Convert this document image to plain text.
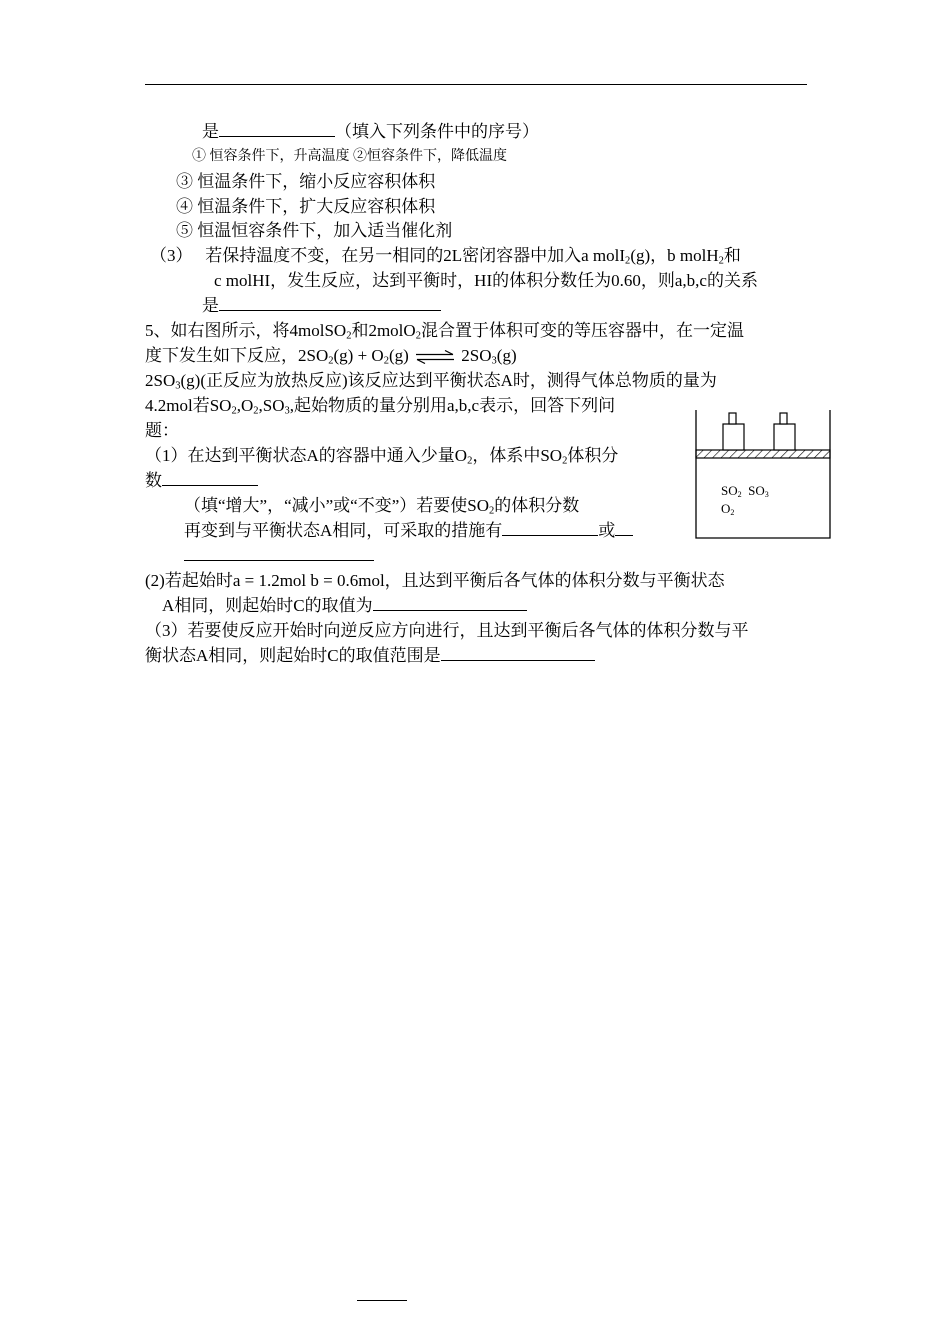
是	（填入下列条件中的序号）
① 恒容条件下，升高温度 ②恒容条件下，降低温度
③ 恒温条件下，缩小反应容积体积
④ 恒温条件下，扩大反应容积体积
⑤ 恒温恒容条件下，加入适当催化剂
（3） 若保持温度不变，在另一相同的2L密闭容器中加入a molI$_2$(g)，b molH$_2$和
c molHI，发生反应，达到平衡时，HI的体积分数任为0.60，则a,b,c的关系
是
5、如右图所示，将4molSO$_2$和2molO$_2$混合置于体积可变的等压容器中，在一定温
度下发生如下反应，$2SO_2(g) + O_2(g)$ ⇌ $2SO_3(g)$
$2SO_3(g)$(正反应为放热反应)该反应达到平衡状态A时，测得气体总物质的量为
4.2mol若$SO_2,O_2,SO_3$,起始物质的量分别用a,b,c表示，回答下列问
题：
（1）在达到平衡状态A的容器中通入少量$O_2$，体系中$SO_2$体积分
数
（填“增大”，“减小”或“不变”）若要使$SO_2$的体积分数
再变到与平衡状态A相同，可采取的措施有	或
(2)若起始时a = 1.2mol b = 0.6mol，且达到平衡后各气体的体积分数与平衡状态
A相同，则起始时C的取值为
（3）若要使反应开始时向逆反应方向进行，且达到平衡后各气体的体积分数与平
衡状态A相同，则起始时C的取值范围是
$SO_2$ $SO_3$
$O_2$
